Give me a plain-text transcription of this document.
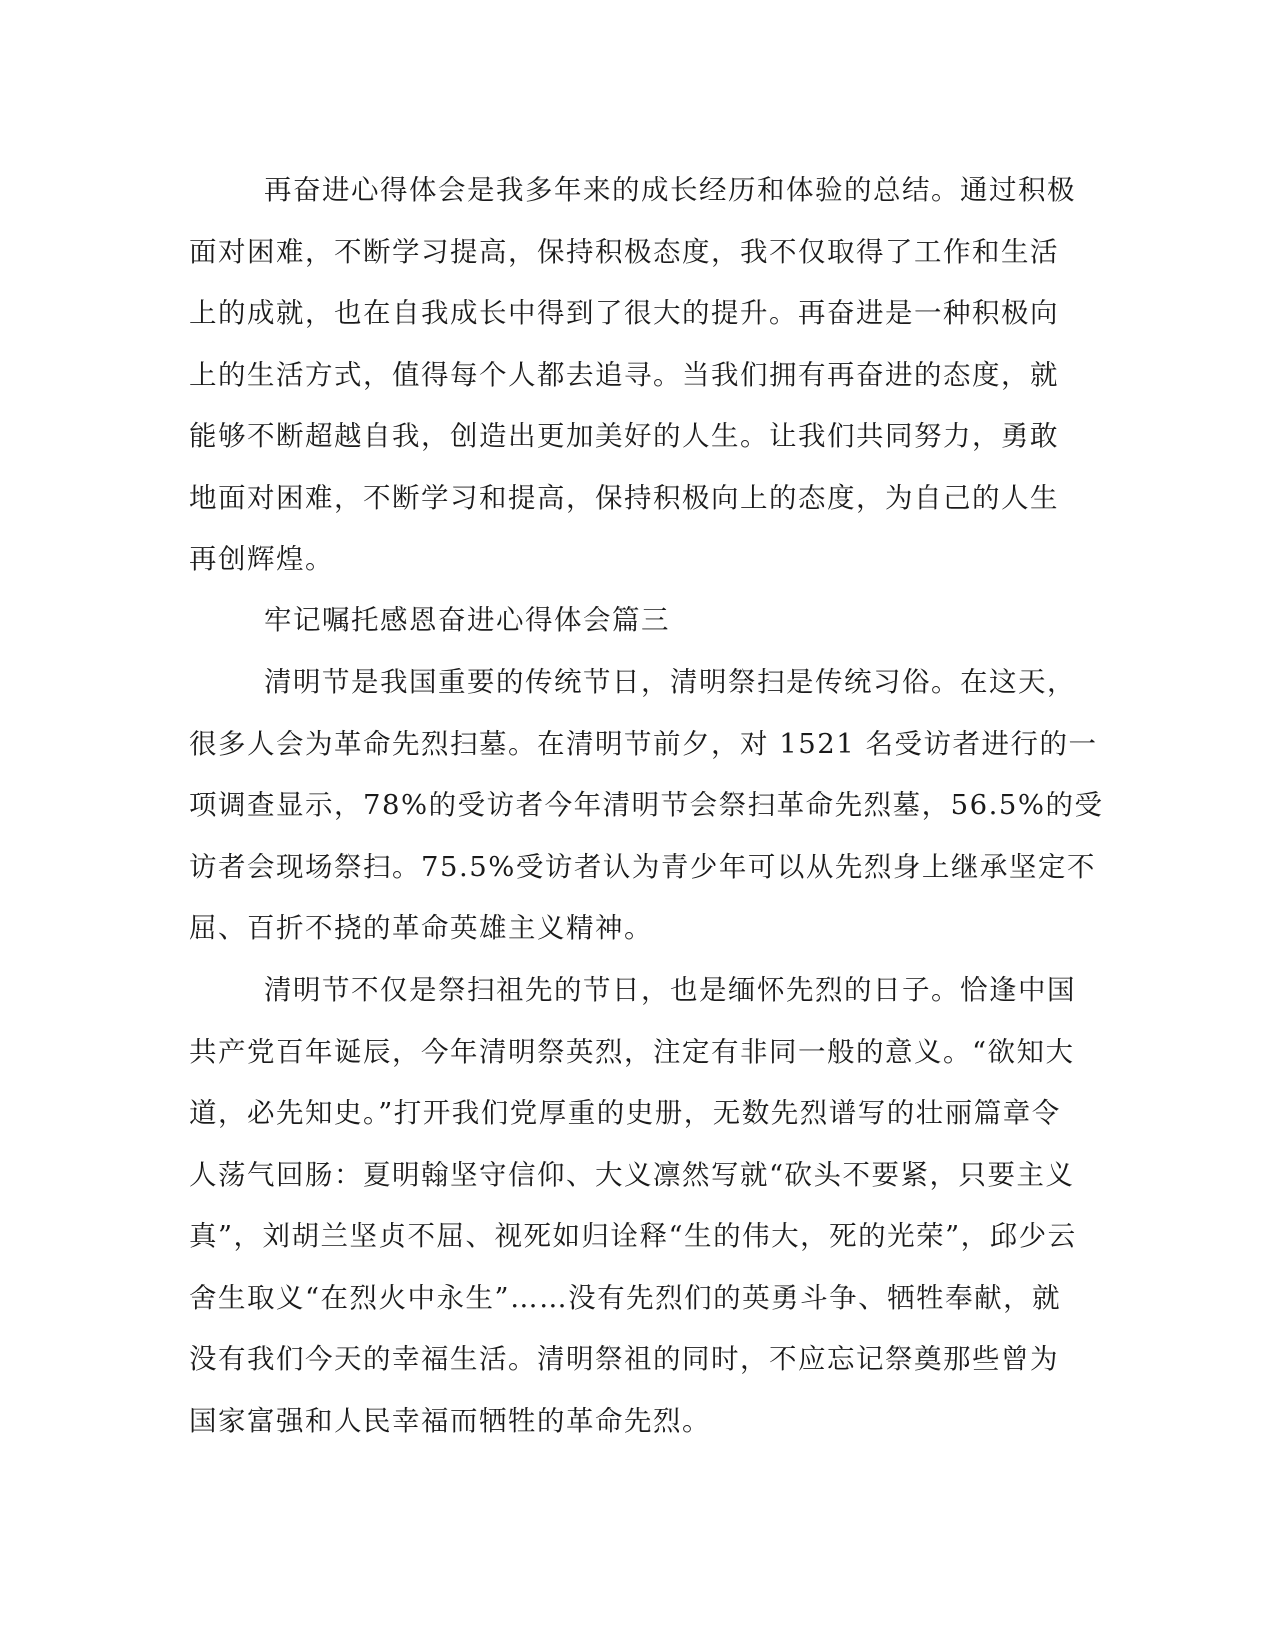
再奋进心得体会是我多年来的成长经历和体验的总结。通过积极
面对困难，不断学习提高，保持积极态度，我不仅取得了工作和生活
上的成就，也在自我成长中得到了很大的提升。再奋进是一种积极向
上的生活方式，值得每个人都去追寻。当我们拥有再奋进的态度，就
能够不断超越自我，创造出更加美好的人生。让我们共同努力，勇敢
地面对困难，不断学习和提高，保持积极向上的态度，为自己的人生
再创辉煌。
牢记嘱托感恩奋进心得体会篇三
清明节是我国重要的传统节日，清明祭扫是传统习俗。在这天，
很多人会为革命先烈扫墓。在清明节前夕，对 1521 名受访者进行的一
项调查显示，78%的受访者今年清明节会祭扫革命先烈墓，56.5%的受
访者会现场祭扫。75.5%受访者认为青少年可以从先烈身上继承坚定不
屈、百折不挠的革命英雄主义精神。
清明节不仅是祭扫祖先的节日，也是缅怀先烈的日子。恰逢中国
共产党百年诞辰，今年清明祭英烈，注定有非同一般的意义。“欲知大
道，必先知史。”打开我们党厚重的史册，无数先烈谱写的壮丽篇章令
人荡气回肠：夏明翰坚守信仰、大义凛然写就“砍头不要紧，只要主义
真”，刘胡兰坚贞不屈、视死如归诠释“生的伟大，死的光荣”，邱少云
舍生取义“在烈火中永生”……没有先烈们的英勇斗争、牺牲奉献，就
没有我们今天的幸福生活。清明祭祖的同时，不应忘记祭奠那些曾为
国家富强和人民幸福而牺牲的革命先烈。
